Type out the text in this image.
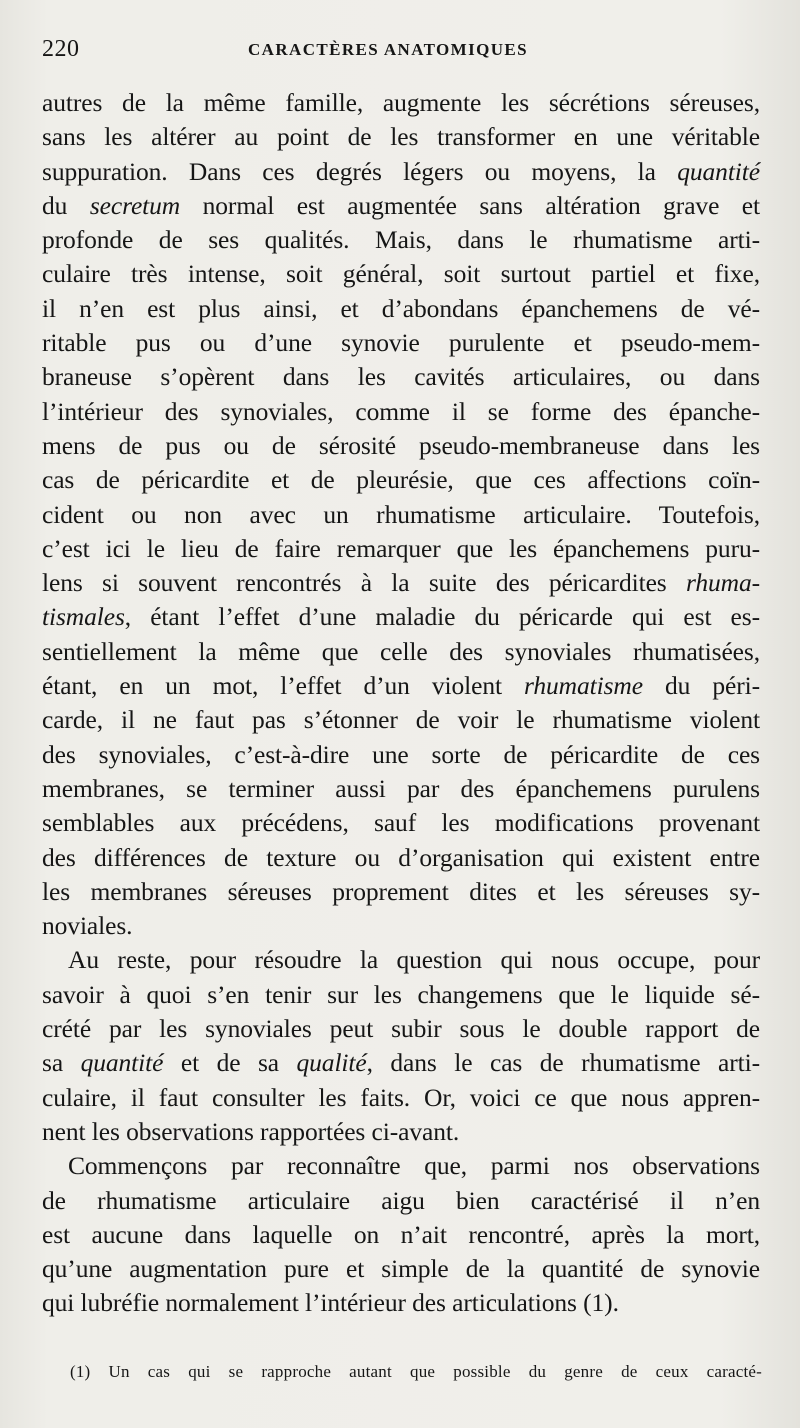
220	CARACTÈRES ANATOMIQUES
autres de la même famille, augmente les sécrétions séreuses,
sans les altérer au point de les transformer en une véritable
suppuration. Dans ces degrés légers ou moyens, la quantité
du secretum normal est augmentée sans altération grave et
profonde de ses qualités. Mais, dans le rhumatisme arti-
culaire très intense, soit général, soit surtout partiel et fixe,
il n’en est plus ainsi, et d’abondans épanchemens de vé-
ritable pus ou d’une synovie purulente et pseudo-mem-
braneuse s’opèrent dans les cavités articulaires, ou dans
l’intérieur des synoviales, comme il se forme des épanche-
mens de pus ou de sérosité pseudo-membraneuse dans les
cas de péricardite et de pleurésie, que ces affections coïn-
cident ou non avec un rhumatisme articulaire. Toutefois,
c’est ici le lieu de faire remarquer que les épanchemens puru-
lens si souvent rencontrés à la suite des péricardites rhuma-
tismales, étant l’effet d’une maladie du péricarde qui est es-
sentiellement la même que celle des synoviales rhumatisées,
étant, en un mot, l’effet d’un violent rhumatisme du péri-
carde, il ne faut pas s’étonner de voir le rhumatisme violent
des synoviales, c’est-à-dire une sorte de péricardite de ces
membranes, se terminer aussi par des épanchemens purulens
semblables aux précédens, sauf les modifications provenant
des différences de texture ou d’organisation qui existent entre
les membranes séreuses proprement dites et les séreuses sy-
noviales.
Au reste, pour résoudre la question qui nous occupe, pour
savoir à quoi s’en tenir sur les changemens que le liquide sé-
crété par les synoviales peut subir sous le double rapport de
sa quantité et de sa qualité, dans le cas de rhumatisme arti-
culaire, il faut consulter les faits. Or, voici ce que nous appren-
nent les observations rapportées ci-avant.
Commençons par reconnaître que, parmi nos observations
de rhumatisme articulaire aigu bien caractérisé il n’en
est aucune dans laquelle on n’ait rencontré, après la mort,
qu’une augmentation pure et simple de la quantité de synovie
qui lubréfie normalement l’intérieur des articulations (1).
(1) Un cas qui se rapproche autant que possible du genre de ceux caracté-
